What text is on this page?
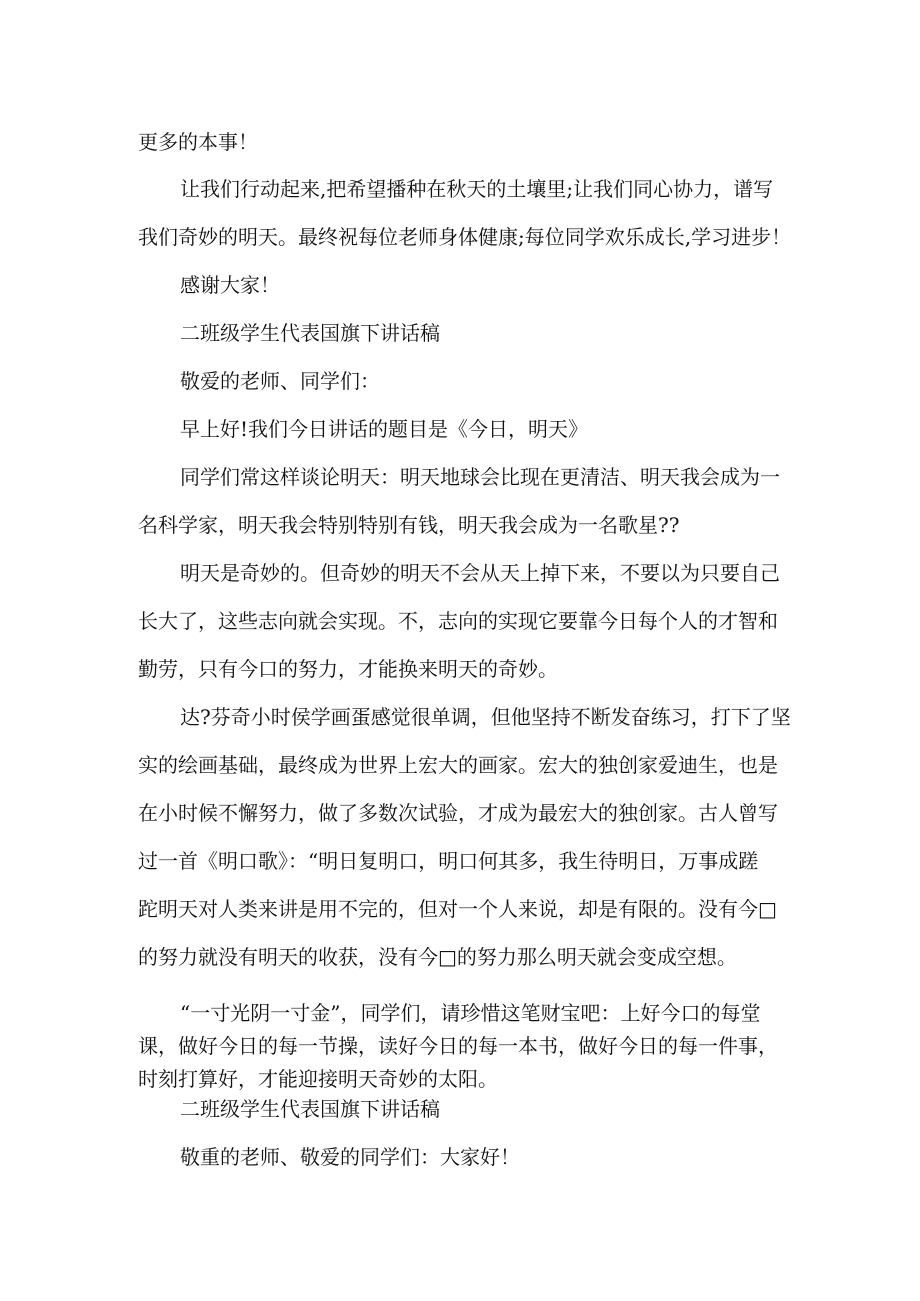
更多的本事！

让我们行动起来,把希望播种在秋天的土壤里;让我们同心协力，谱写
我们奇妙的明天。最终祝每位老师身体健康;每位同学欢乐成长,学习进步！

感谢大家！

二班级学生代表国旗下讲话稿

敬爱的老师、同学们：

早上好!我们今日讲话的题目是《今日，明天》

同学们常这样谈论明天：明天地球会比现在更清洁、明天我会成为一
名科学家，明天我会特别特别有钱，明天我会成为一名歌星??

明天是奇妙的。但奇妙的明天不会从天上掉下来，不要以为只要自己
长大了，这些志向就会实现。不，志向的实现它要靠今日每个人的才智和
勤劳，只有今口的努力，才能换来明天的奇妙。

达?芬奇小时侯学画蛋感觉很单调，但他坚持不断发奋练习，打下了坚
实的绘画基础，最终成为世界上宏大的画家。宏大的独创家爱迪生，也是
在小时候不懈努力，做了多数次试验，才成为最宏大的独创家。古人曾写
过一首《明口歌》：“明日复明口，明口何其多，我生待明日，万事成蹉
跎明天对人类来讲是用不完的，但对一个人来说，却是有限的。没有今□
的努力就没有明天的收获，没有今□的努力那么明天就会变成空想。

“一寸光阴一寸金”，同学们，请珍惜这笔财宝吧：上好今口的每堂
课，做好今日的每一节操，读好今日的每一本书，做好今日的每一件事，
时刻打算好，才能迎接明天奇妙的太阳。

二班级学生代表国旗下讲话稿

敬重的老师、敬爱的同学们：大家好！
